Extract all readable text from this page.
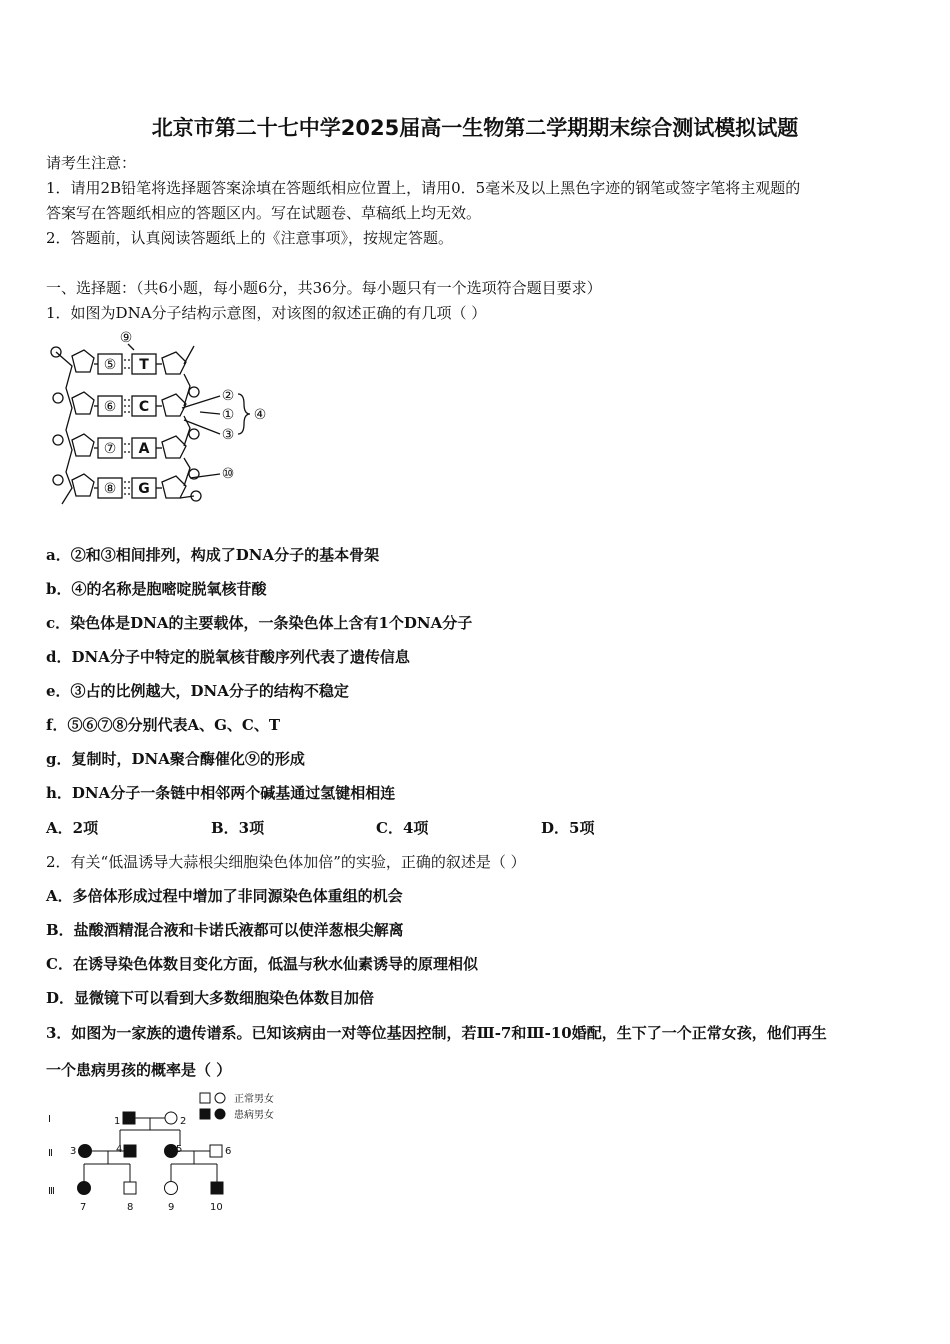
北京市第二十七中学2025届高一生物第二学期期末综合测试模拟试题
请考生注意：
1．请用2B铅笔将选择题答案涂填在答题纸相应位置上，请用0．5毫米及以上黑色字迹的钢笔或签字笔将主观题的
答案写在答题纸相应的答题区内。写在试题卷、草稿纸上均无效。
2．答题前，认真阅读答题纸上的《注意事项》，按规定答题。
一、选择题：（共6小题，每小题6分，共36分。每小题只有一个选项符合题目要求）
1．如图为DNA分子结构示意图，对该图的叙述正确的有几项（ ）
⑤
⑥
⑦
⑧
T
C
A
G
⑨
②
①
③
④
⑩
a．②和③相间排列，构成了DNA分子的基本骨架
b．④的名称是胞嘧啶脱氧核苷酸
c．染色体是DNA的主要载体，一条染色体上含有1个DNA分子
d．DNA分子中特定的脱氧核苷酸序列代表了遗传信息
e．③占的比例越大，DNA分子的结构不稳定
f．⑤⑥⑦⑧分别代表A、G、C、T
g．复制时，DNA聚合酶催化⑨的形成
h．DNA分子一条链中相邻两个碱基通过氢键相相连
A．2项	B．3项	C．4项	D．5项
2．有关“低温诱导大蒜根尖细胞染色体加倍”的实验，正确的叙述是（ ）
A．多倍体形成过程中增加了非同源染色体重组的机会
B．盐酸酒精混合液和卡诺氏液都可以使洋葱根尖解离
C．在诱导染色体数目变化方面，低温与秋水仙素诱导的原理相似
D．显微镜下可以看到大多数细胞染色体数目加倍
3．如图为一家族的遗传谱系。已知该病由一对等位基因控制，若Ⅲ-7和Ⅲ-10婚配，生下了一个正常女孩，他们再生
一个患病男孩的概率是（ ）
正常男女
患病男女
Ⅰ
Ⅱ
Ⅲ
1	2
3	4	5	6
7	8	9	10
